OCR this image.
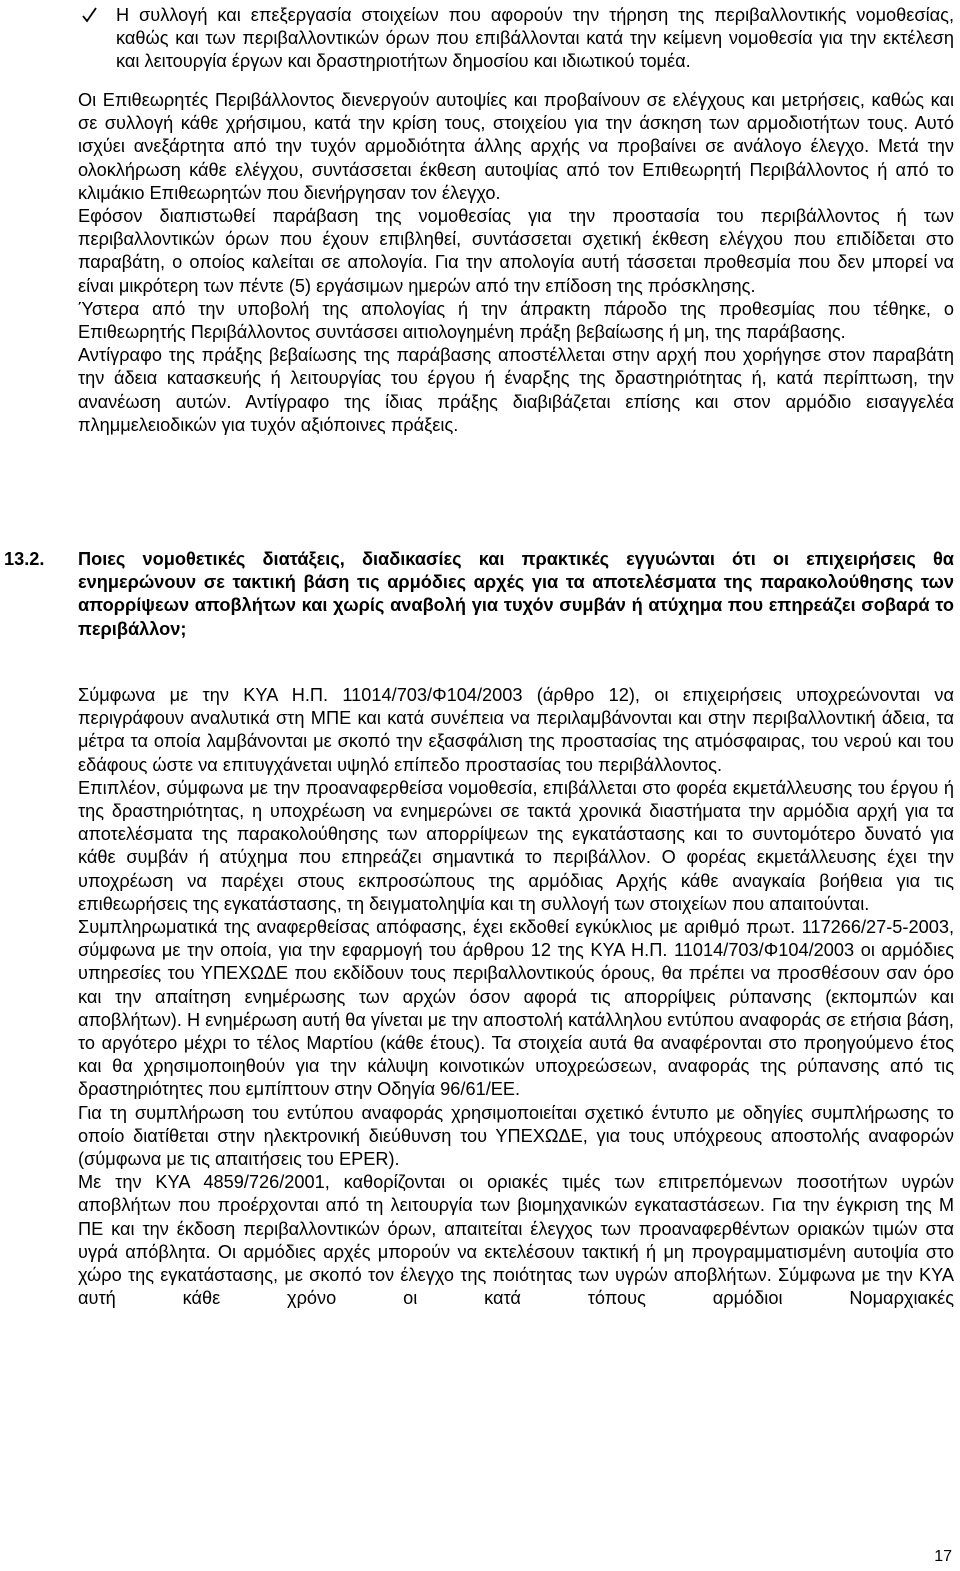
Η συλλογή και επεξεργασία στοιχείων που αφορούν την τήρηση της περιβαλλοντικής νομοθεσίας, καθώς και των περιβαλλοντικών όρων που επιβάλλονται κατά την κείμενη νομοθεσία για την εκτέλεση και λειτουργία έργων και δραστηριοτήτων δημοσίου και ιδιωτικού τομέα.

Οι Επιθεωρητές Περιβάλλοντος διενεργούν αυτοψίες και προβαίνουν σε ελέγχους και μετρήσεις, καθώς και σε συλλογή κάθε χρήσιμου, κατά την κρίση τους, στοιχείου για την άσκηση των αρμοδιοτήτων τους. Αυτό ισχύει ανεξάρτητα από την τυχόν αρμοδιότητα άλλης αρχής να προβαίνει σε ανάλογο έλεγχο. Μετά την ολοκλήρωση κάθε ελέγχου, συντάσσεται έκθεση αυτοψίας από τον Επιθεωρητή Περιβάλλοντος ή από το κλιμάκιο Επιθεωρητών που διενήργησαν τον έλεγχο.

Εφόσον διαπιστωθεί παράβαση της νομοθεσίας για την προστασία του περιβάλλοντος ή των περιβαλλοντικών όρων που έχουν επιβληθεί, συντάσσεται σχετική έκθεση ελέγχου που επιδίδεται στο παραβάτη, ο οποίος καλείται σε απολογία. Για την απολογία αυτή τάσσεται προθεσμία που δεν μπορεί να είναι μικρότερη των πέντε (5) εργάσιμων ημερών από την επίδοση της πρόσκλησης.

Ύστερα από την υποβολή της απολογίας ή την άπρακτη πάροδο της προθεσμίας που τέθηκε, ο Επιθεωρητής Περιβάλλοντος συντάσσει αιτιολογημένη πράξη βεβαίωσης ή μη, της παράβασης.

Αντίγραφο της πράξης βεβαίωσης της παράβασης αποστέλλεται στην αρχή που χορήγησε στον παραβάτη την άδεια κατασκευής ή λειτουργίας του έργου ή έναρξης της δραστηριότητας ή, κατά περίπτωση, την ανανέωση αυτών. Αντίγραφο της ίδιας πράξης διαβιβάζεται επίσης και στον αρμόδιο εισαγγελέα πλημμελειοδικών για τυχόν αξιόποινες πράξεις.

13.2. Ποιες νομοθετικές διατάξεις, διαδικασίες και πρακτικές εγγυώνται ότι οι επιχειρήσεις θα ενημερώνουν σε τακτική βάση τις αρμόδιες αρχές για τα αποτελέσματα της παρακολούθησης των απορρίψεων αποβλήτων και χωρίς αναβολή για τυχόν συμβάν ή ατύχημα που επηρεάζει σοβαρά το περιβάλλον;

Σύμφωνα με την ΚΥΑ Η.Π. 11014/703/Φ104/2003 (άρθρο 12), οι επιχειρήσεις υποχρεώνονται να περιγράφουν αναλυτικά στη ΜΠΕ και κατά συνέπεια να περιλαμβάνονται και στην περιβαλλοντική άδεια, τα μέτρα τα οποία λαμβάνονται με σκοπό την εξασφάλιση της προστασίας της ατμόσφαιρας, του νερού και του εδάφους ώστε να επιτυγχάνεται υψηλό επίπεδο προστασίας του περιβάλλοντος.

Επιπλέον, σύμφωνα με την προαναφερθείσα νομοθεσία, επιβάλλεται στο φορέα εκμετάλλευσης του έργου ή της δραστηριότητας, η υποχρέωση να ενημερώνει σε τακτά χρονικά διαστήματα την αρμόδια αρχή για τα αποτελέσματα της παρακολούθησης των απορρίψεων της εγκατάστασης και το συντομότερο δυνατό για κάθε συμβάν ή ατύχημα που επηρεάζει σημαντικά το περιβάλλον. Ο φορέας εκμετάλλευσης έχει την υποχρέωση να παρέχει στους εκπροσώπους της αρμόδιας Αρχής κάθε αναγκαία βοήθεια για τις επιθεωρήσεις της εγκατάστασης, τη δειγματοληψία και τη συλλογή των στοιχείων που απαιτούνται.

Συμπληρωματικά της αναφερθείσας απόφασης, έχει εκδοθεί εγκύκλιος με αριθμό πρωτ. 117266/27-5-2003, σύμφωνα με την οποία, για την εφαρμογή του άρθρου 12 της ΚΥΑ Η.Π. 11014/703/Φ104/2003 οι αρμόδιες υπηρεσίες του ΥΠΕΧΩΔΕ που εκδίδουν τους περιβαλλοντικούς όρους, θα πρέπει να προσθέσουν σαν όρο και την απαίτηση ενημέρωσης των αρχών όσον αφορά τις απορρίψεις ρύπανσης (εκπομπών και αποβλήτων). Η ενημέρωση αυτή θα γίνεται με την αποστολή κατάλληλου εντύπου αναφοράς σε ετήσια βάση, το αργότερο μέχρι το τέλος Μαρτίου (κάθε έτους). Τα στοιχεία αυτά θα αναφέρονται στο προηγούμενο έτος και θα χρησιμοποιηθούν για την κάλυψη κοινοτικών υποχρεώσεων, αναφοράς της ρύπανσης από τις δραστηριότητες που εμπίπτουν στην Οδηγία 96/61/ΕΕ.

Για τη συμπλήρωση του εντύπου αναφοράς χρησιμοποιείται σχετικό έντυπο με οδηγίες συμπλήρωσης το οποίο διατίθεται στην ηλεκτρονική διεύθυνση του ΥΠΕΧΩΔΕ, για τους υπόχρεους αποστολής αναφορών (σύμφωνα με τις απαιτήσεις του EPER).

Με την ΚΥΑ 4859/726/2001, καθορίζονται οι οριακές τιμές των επιτρεπόμενων ποσοτήτων υγρών αποβλήτων που προέρχονται από τη λειτουργία των βιομηχανικών εγκαταστάσεων. Για την έγκριση της Μ ΠΕ και την έκδοση περιβαλλοντικών όρων, απαιτείται έλεγχος των προαναφερθέντων οριακών τιμών στα υγρά απόβλητα. Οι αρμόδιες αρχές μπορούν να εκτελέσουν τακτική ή μη προγραμματισμένη αυτοψία στο χώρο της εγκατάστασης, με σκοπό τον έλεγχο της ποιότητας των υγρών αποβλήτων. Σύμφωνα με την ΚΥΑ αυτή κάθε χρόνο οι κατά τόπους αρμόδιοι Νομαρχιακές

17
